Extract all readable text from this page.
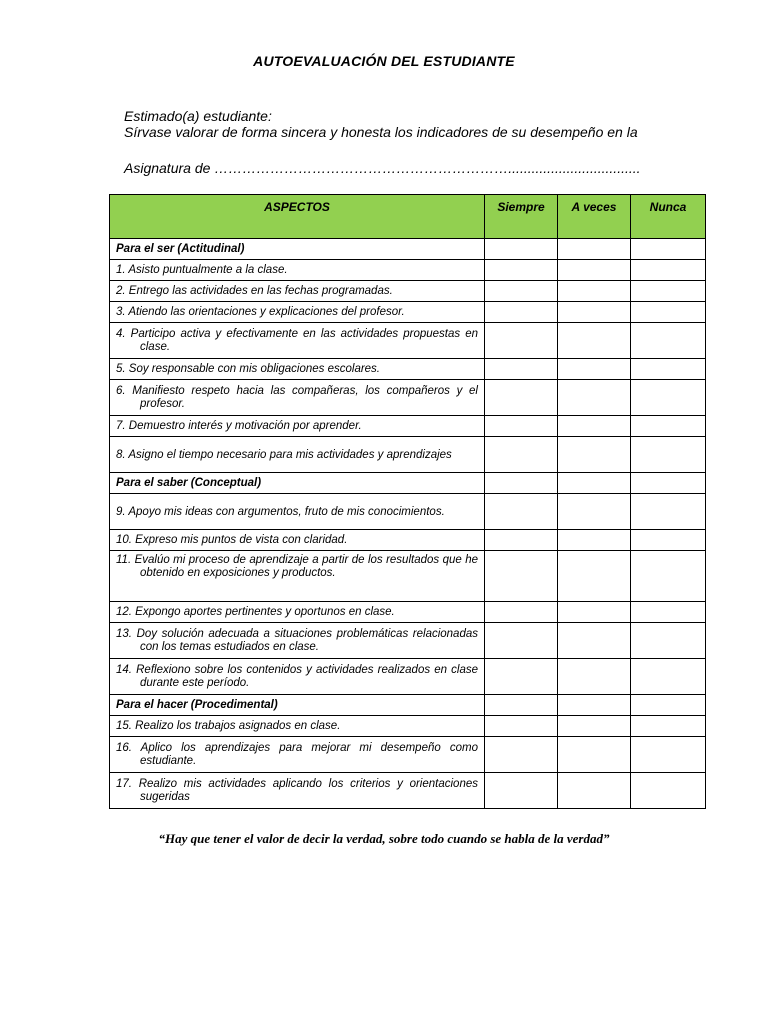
AUTOEVALUACIÓN DEL ESTUDIANTE
Estimado(a) estudiante:
Sírvase valorar de forma sincera y honesta los indicadores de su desempeño en la
Asignatura de ………………………………………………………..................................
ASPECTOS	Siempre	A veces	Nunca
Para el ser (Actitudinal)			

1. Asisto puntualmente a la clase.			

2. Entrego las actividades en las fechas programadas.			

3. Atiendo las orientaciones y explicaciones del profesor.			

4. Participo activa y efectivamente en las actividades propuestas en clase.			

5. Soy responsable con mis obligaciones escolares.			

6. Manifiesto respeto hacia las compañeras, los compañeros y el profesor.			

7. Demuestro interés y motivación por aprender.			

8. Asigno el tiempo necesario para mis actividades y aprendizajes			

Para el saber (Conceptual)			

9. Apoyo mis ideas con argumentos, fruto de mis conocimientos.			

10. Expreso mis puntos de vista con claridad.			

11. Evalúo mi proceso de aprendizaje a partir de los resultados que he obtenido en exposiciones y productos.			

12. Expongo aportes pertinentes y oportunos en clase.			

13. Doy solución adecuada a situaciones problemáticas relacionadas con los temas estudiados en clase.			

14. Reflexiono sobre los contenidos y actividades realizados en clase durante este período.			

Para el hacer (Procedimental)			

15. Realizo los trabajos asignados en clase.			

16. Aplico los aprendizajes para mejorar mi desempeño como estudiante.			

17. Realizo mis actividades aplicando los criterios y orientaciones sugeridas			

“Hay que tener el valor de decir la verdad, sobre todo cuando se habla de la verdad”
